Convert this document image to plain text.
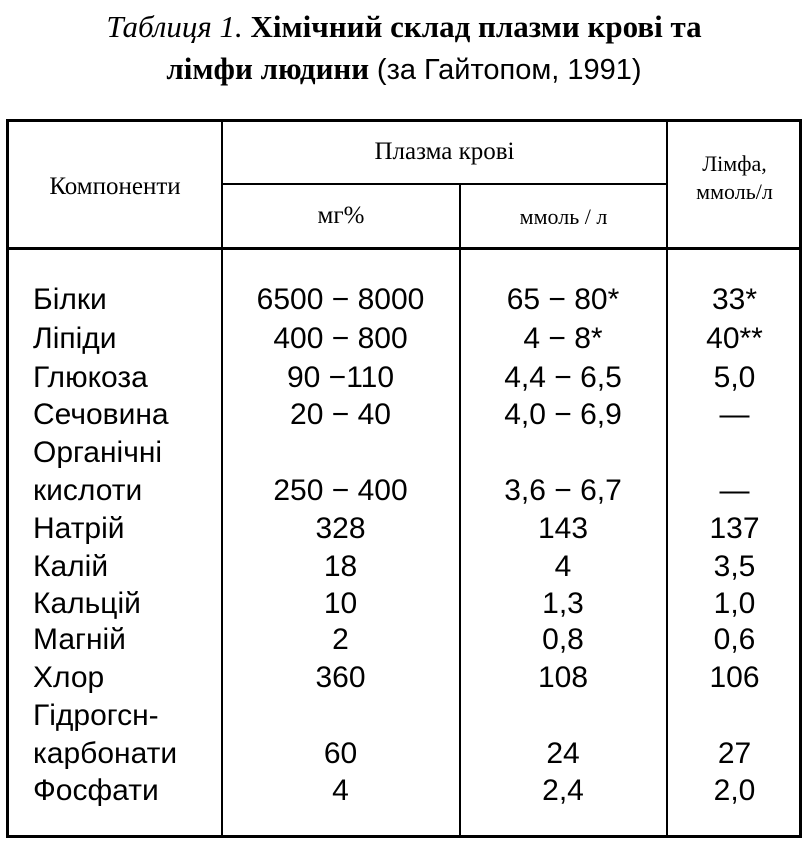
Таблиця 1. Хімічний склад плазми крові та
лімфи людини (за Гайтопом, 1991)
Компоненти
Плазма крові
мг%	ммоль / л
Лімфа,
ммоль/л
Білки	6500 − 8000	65 − 80*	33*
Ліпіди	400 − 800	4 − 8*	40**
Глюкоза	90 −110	4,4 − 6,5	5,0
Сечовина	20 − 40	4,0 − 6,9	—
Органічні
кислоти	250 − 400	3,6 − 6,7	—
Натрій	328	143	137
Калій	18	4	3,5
Кальцій	10	1,3	1,0
Магній	2	0,8	0,6
Хлор	360	108	106
Гідрогсн-
карбонати	60	24	27
Фосфати	4	2,4	2,0
